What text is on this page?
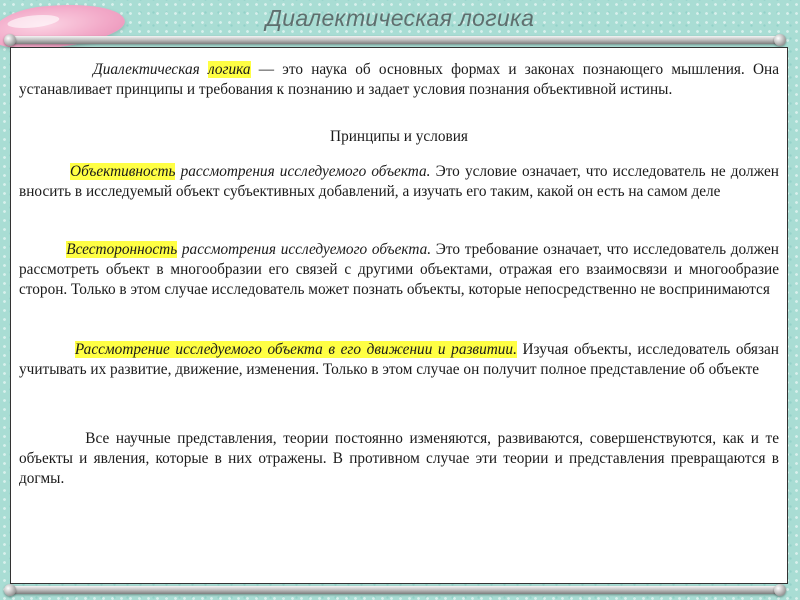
Диалектическая логика

Диалектическая логика — это наука об основных формах и законах познающего мышления. Она устанавливает принципы и требования к познанию и задает условия познания объективной истины.

Принципы и условия

Объективность рассмотрения исследуемого объекта. Это условие означает, что исследователь не должен вносить в исследуемый объект субъективных добавлений, а изучать его таким, какой он есть на самом деле

Всесторонность рассмотрения исследуемого объекта. Это требование означает, что исследователь должен рассмотреть объект в многообразии его связей с другими объектами, отражая его взаимосвязи и многообразие сторон. Только в этом случае исследователь может познать объекты, которые непосредственно не воспринимаются

Рассмотрение исследуемого объекта в его движении и развитии. Изучая объекты, исследователь обязан учитывать их развитие, движение, изменения. Только в этом случае он получит полное представление об объекте

Все научные представления, теории постоянно изменяются, развиваются, совершенствуются, как и те объекты и явления, которые в них отражены. В противном случае эти теории и представления превращаются в догмы.
